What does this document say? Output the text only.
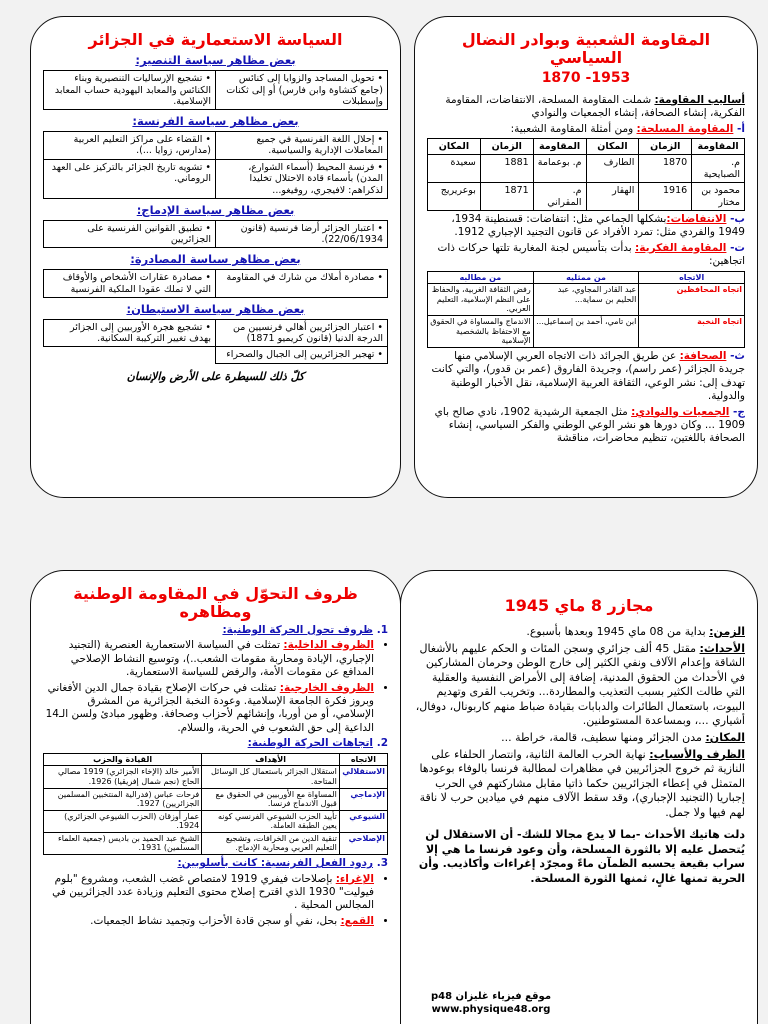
السياسة الاستعمارية في الجزائر
بعض مظاهر سياسة التنصير:
• تحويل المساجد والزوايا إلى كنائس (جامع كتشاوة وابن فارس) أو إلى ثكنات وإسطبلات	• تشجيع الإرساليات التنصيرية وبناء الكنائس والمعابد اليهودية حساب المعابد الإسلامية.
بعض مظاهر سياسة الفرنسة:
• إحلال اللغة الفرنسية في جميع المعاملات الإدارية والسياسية.	• القضاء على مراكز التعليم العربية (مدارس، زوايا ...).
• فرنسة المحيط (أسماء الشوارع، المدن) بأسماء قادة الاحتلال تخليدا لذكراهم: لافيجري، روفيغو...	• تشويه تاريخ الجزائر بالتركيز على العهد الروماني.
بعض مظاهر سياسة الإدماج:
• اعتبار الجزائر أرضا فرنسية (قانون 22/06/1934).	• تطبيق القوانين الفرنسية على الجزائريين
بعض مظاهر سياسة المصادرة:
• مصادرة أملاك من شارك في المقاومة	• مصادرة عقارات الأشخاص والأوقاف التي لا تملك عقودا الملكية الفرنسية
بعض مظاهر سياسة الاستيطان:
• اعتبار الجزائريين أهالي فرنسيين من الدرجة الدنيا (قانون كريميو 1871)	• تشجيع هجرة الأوربيين إلى الجزائر بهدف تغيير التركيبة السكانية.
• تهجير الجزائريين إلى الجبال والصحراء	
كلّ ذلك للسيطرة على الأرض والإنسان
المقاومة الشعبية وبوادر النضال السياسي
1870 -1953

أساليب المقاومة: شملت المقاومة المسلحة، الانتفاضات، المقاومة الفكرية، إنشاء الصحافة، إنشاء الجمعيات والنوادي

أ- المقاومة المسلحة: ومن أمثلة المقاومة الشعبية:

المقاومة	الزمان	المكان	المقاومة	الزمان	المكان
م. الصبايحية	1870	الطارف	م. بوعمامة	1881	سعيدة
محمود بن مختار	1916	الهقار	م. المقراني	1871	بوعريريج

ب- الانتفاضات:بشكلها الجماعي مثل: انتفاضات: قسنطينة 1934، 1949 والفردي مثل: تمرد الأفراد عن قانون التجنيد الإجباري 1912.

ت- المقاومة الفكرية: بدأت بتأسيس لجنة المغاربة تلتها حركات ذات اتجاهين:

الاتجاه	من ممثليه	من مطالبه
اتجاه المحافظين	عبد القادر المجاوي، عبد الحليم بن سماية...	رفض الثقافة الغربية، والحفاظ على النظم الإسلامية، التعليم العربي.
اتجاه النخبة	ابن تامي، أحمد بن إسماعيل...	الاندماج والمساواة في الحقوق مع الاحتفاظ بالشخصية الإسلامية

ث- الصحافة: عن طريق الجرائد ذات الاتجاه العربي الإسلامي منها جريدة الجزائر (عمر راسم)، وجريدة الفاروق (عمر بن قدور)، والتي كانت تهدف إلى: نشر الوعي، الثقافة العربية الإسلامية، نقل الأخبار الوطنية والدولية.

ج- الجمعيات والنوادي: مثل الجمعية الرشيدية 1902، نادي صالح باي 1909 ... وكان دورها هو نشر الوعي الوطني والفكر السياسي، إنشاء الصحافة باللغتين، تنظيم محاضرات، مناقشة

ظروف التحوّل في المقاومة الوطنية ومظاهره

1. ظروف تحول الحركة الوطنية:

• الظروف الداخلية: تمثلت في السياسة الاستعمارية العنصرية (التجنيد الإجباري، الإبادة ومحاربة مقومات الشعب..)، وتوسيع النشاط الإصلاحي المدافع عن مقومات الأمة، والرفض للسياسة الاستعمارية.
• الظروف الخارجية: تمثلت في حركات الإصلاح بقيادة جمال الدين الأفغاني وبروز فكرة الجامعة الإسلامية. وعودة النخبة الجزائرية من المشرق الإسلامي، أو من أوربا، وإنشائهم لأحزاب وصحافة. وظهور مبادئ ولسن الـ14 الداعية إلى حق الشعوب في الحرية، والسلام.

2. اتجاهات الحركة الوطنية:

الاتجاه	الأهداف	القيادة والحزب
الاستقلالي	استقلال الجزائر باستعمال كل الوسائل المتاحة.	الأمير خالد (الإخاء الجزائري) 1919 مصالي الحاج (نجم شمال إفريقيا) 1926.
الإدماجي	المساواة مع الأوربيين في الحقوق مع قبول الاندماج فرنسا.	فرحات عباس (فدرالية المنتخبين المسلمين الجزائريين) 1927.
الشيوعي	تأييد الحزب الشيوعي الفرنسي كونه يعين الطبقة العاملة.	عمار أوزقان (الحزب الشيوعي الجزائري) 1924.
الإصلاحي	تنقية الدين من الخرافات، وتشجيع التعليم العربي ومحاربة الإدماج.	الشيخ عبد الحميد بن باديس (جمعية العلماء المسلمين) 1931.

3. ردود الفعل الفرنسية: كانت بأسلوبين:

• الإغراء: بإصلاحات فيفري 1919 لامتصاص غضب الشعب، ومشروع "بلوم فيوليت" 1930 الذي اقترح إصلاح محتوى التعليم وزيادة عدد الجزائريين في المجالس المحلية .
• القمع: بحل، نفي أو سجن قادة الأحزاب وتجميد نشاط الجمعيات.
مجازر 8 ماي 1945

الزمن: بداية من 08 ماي 1945 وبعدها بأسبوع.

الأحداث: مقتل 45 ألف جزائري وسجن المئات و الحكم عليهم بالأشغال الشاقة وإعدام الآلاف ونفي الكثير إلى خارج الوطن وحرمان المشاركين في الأحداث من الحقوق المدنية، إضافة إلى الأمراض النفسية والعقلية التي طالت الكثير بسبب التعذيب والمطاردة... وتخريب القرى وتهديم البيوت، باستعمال الطائرات والدبابات بقيادة ضباط منهم كاربونال، دوفال، أشياري ...، وبمساعدة المستوطنين.

المكان: مدن الجزائر ومنها سطيف، قالمة، خراطة ...

الظرف والأسباب: نهاية الحرب العالمة الثانية، وانتصار الحلفاء على النازية ثم خروج الجزائريين في مظاهرات لمطالبة فرنسا بالوفاء بوعودها المتمثل في إعطاء الجزائريين حكما ذاتيا مقابل مشاركتهم في الحرب إجباريا (التجنيد الإجباري)، وقد سقط الآلاف منهم في ميادين حرب لا ناقة لهم فيها ولا جمل.

دلت هاتيك الأحداث -بما لا يدع مجالا للشك- أن الاستقلال لن يُتحصل عليه إلا بالثورة المسلحة، وأن وعود فرنسا ما هي إلا سراب بقيعة يحسبه الظمآن ماءً ومجرّد إغراءات وأكاذيب. وأن الحرية تمنها غالٍ، ثمنها الثورة المسلحة.

موقع فيزياء غليزان p48
www.physique48.org
